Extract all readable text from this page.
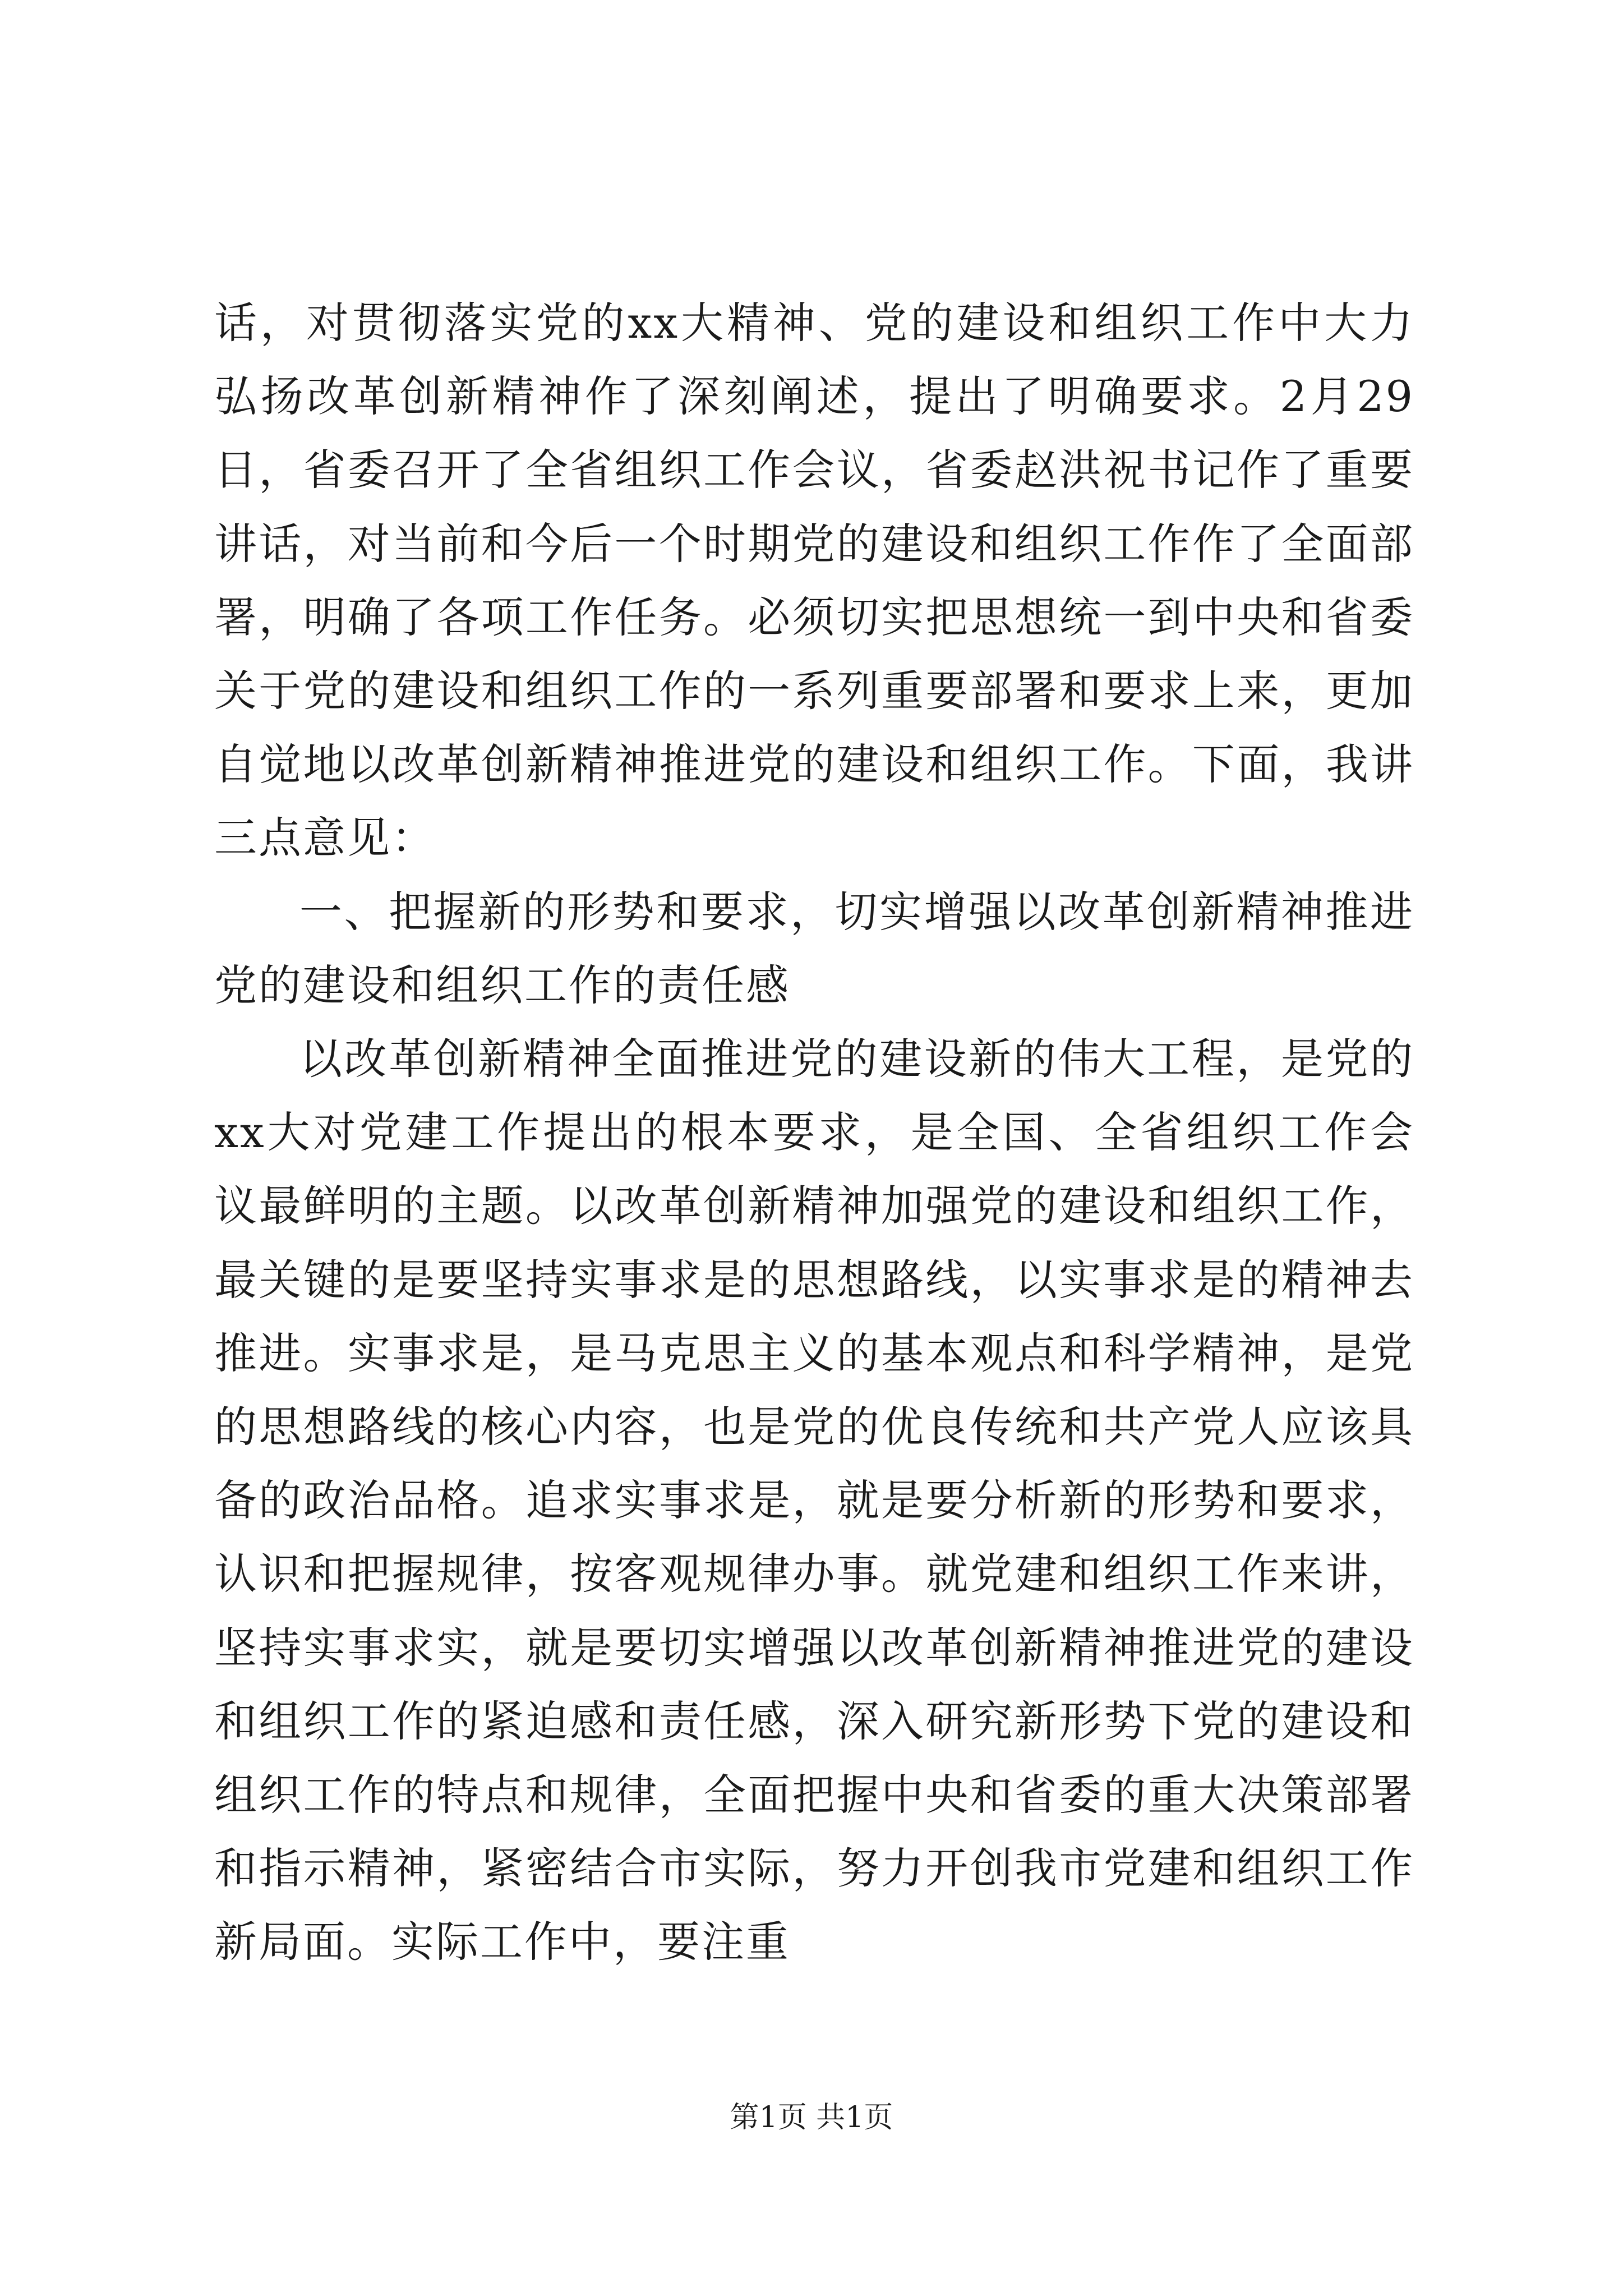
话，对贯彻落实党的xx大精神、党的建设和组织工作中大力弘扬改革创新精神作了深刻阐述，提出了明确要求。2月29日，省委召开了全省组织工作会议，省委赵洪祝书记作了重要讲话，对当前和今后一个时期党的建设和组织工作作了全面部署，明确了各项工作任务。必须切实把思想统一到中央和省委关于党的建设和组织工作的一系列重要部署和要求上来，更加自觉地以改革创新精神推进党的建设和组织工作。下面，我讲三点意见：

一、把握新的形势和要求，切实增强以改革创新精神推进党的建设和组织工作的责任感

以改革创新精神全面推进党的建设新的伟大工程，是党的xx大对党建工作提出的根本要求，是全国、全省组织工作会议最鲜明的主题。以改革创新精神加强党的建设和组织工作，最关键的是要坚持实事求是的思想路线，以实事求是的精神去推进。实事求是，是马克思主义的基本观点和科学精神，是党的思想路线的核心内容，也是党的优良传统和共产党人应该具备的政治品格。追求实事求是，就是要分析新的形势和要求，认识和把握规律，按客观规律办事。就党建和组织工作来讲，坚持实事求实，就是要切实增强以改革创新精神推进党的建设和组织工作的紧迫感和责任感，深入研究新形势下党的建设和组织工作的特点和规律，全面把握中央和省委的重大决策部署和指示精神，紧密结合市实际，努力开创我市党建和组织工作新局面。实际工作中，要注重

第1页 共1页
